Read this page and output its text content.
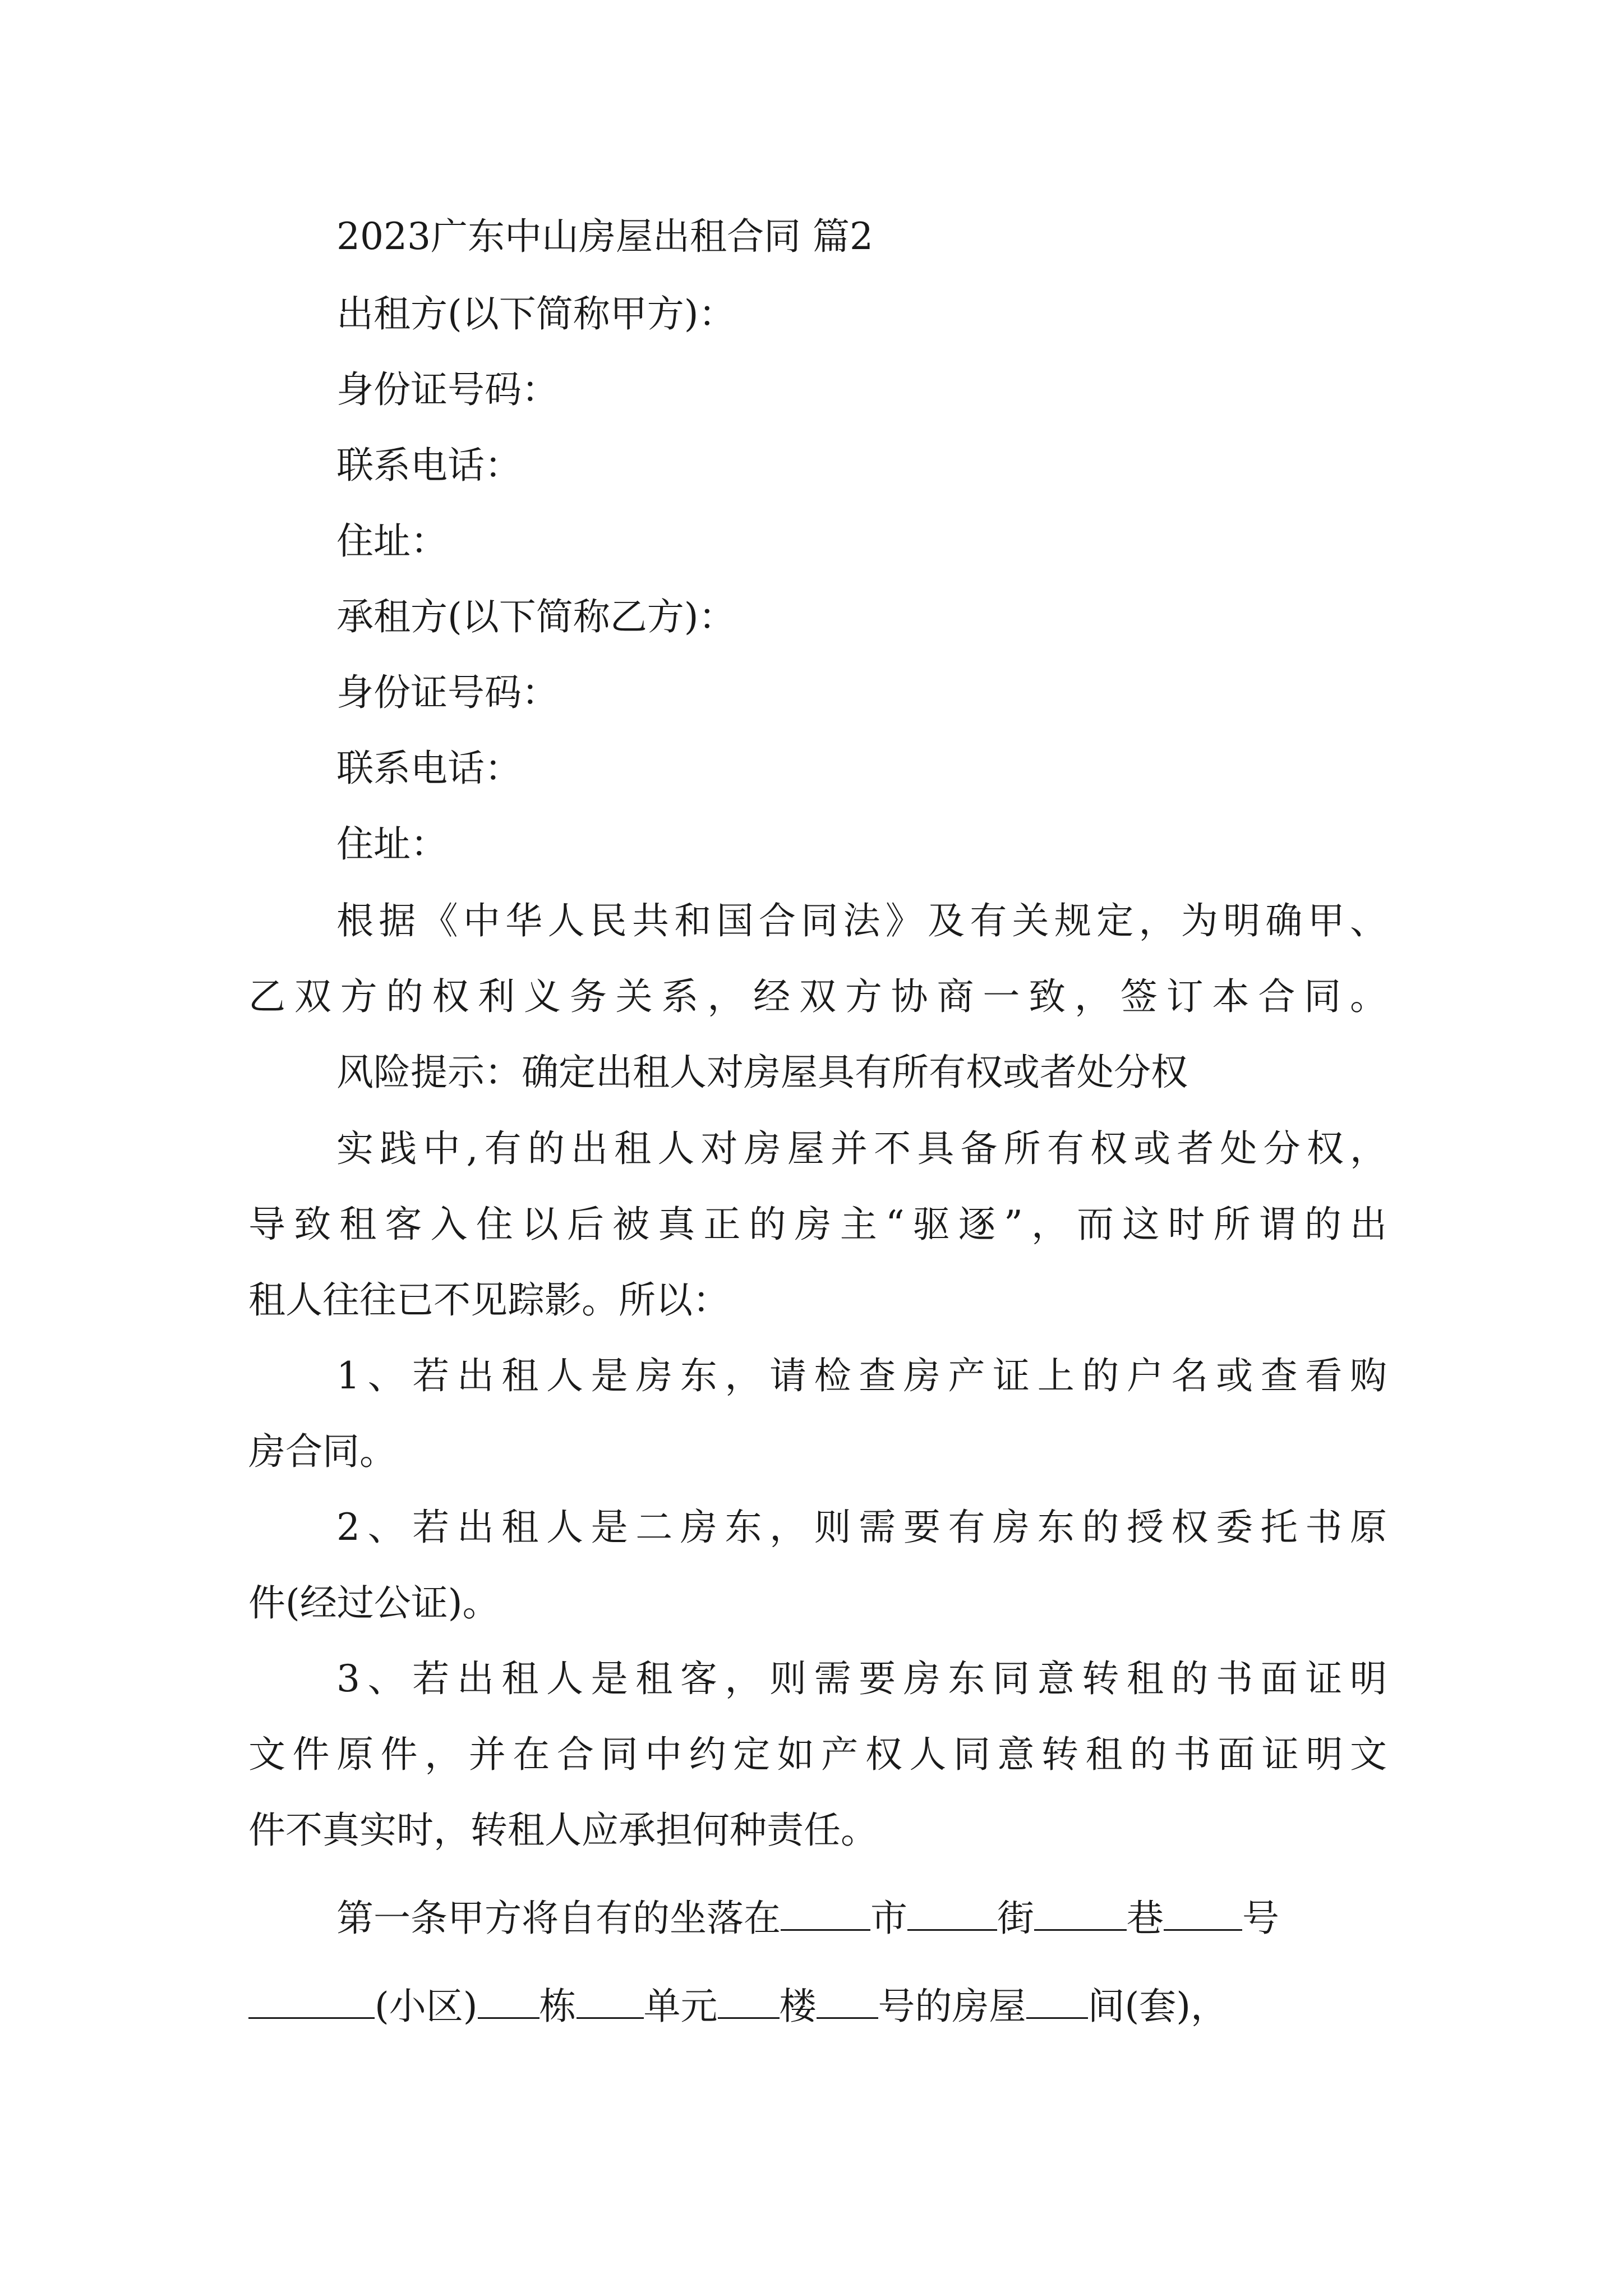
2023广东中山房屋出租合同 篇2

出租方(以下简称甲方)：

身份证号码：

联系电话：

住址：

承租方(以下简称乙方)：

身份证号码：

联系电话：

住址：

根据《中华人民共和国合同法》及有关规定，为明确甲、

乙双方的权利义务关系，经双方协商一致，签订本合同。

风险提示：确定出租人对房屋具有所有权或者处分权

实践中,有的出租人对房屋并不具备所有权或者处分权，

导致租客入住以后被真正的房主“驱逐”，而这时所谓的出

租人往往已不见踪影。所以：

1、若出租人是房东，请检查房产证上的户名或查看购

房合同。

2、若出租人是二房东，则需要有房东的授权委托书原

件(经过公证)。

3、若出租人是租客，则需要房东同意转租的书面证明

文件原件，并在合同中约定如产权人同意转租的书面证明文

件不真实时，转租人应承担何种责任。

第一条甲方将自有的坐落在 市 街	巷 号

(小区) 栋 单元 楼 号的房屋 间(套)，
